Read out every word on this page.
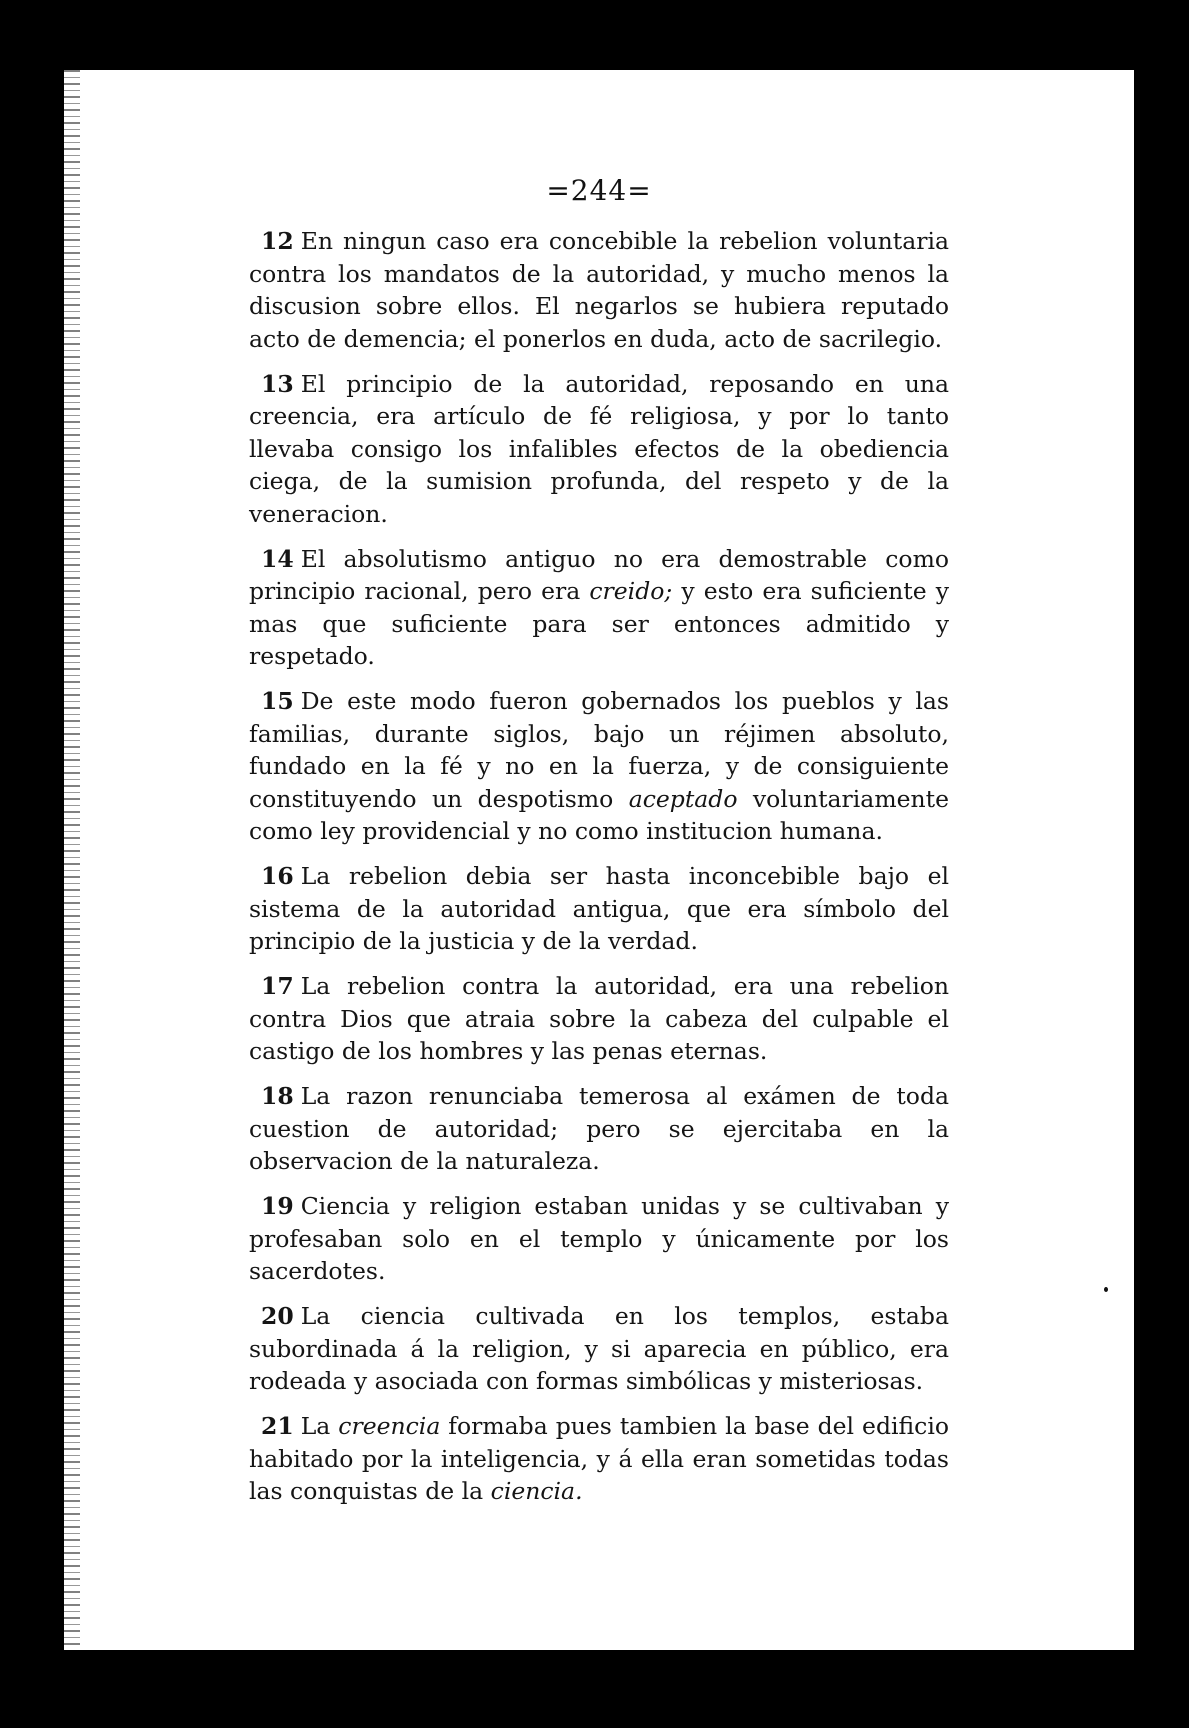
=244=

12 En ningun caso era concebible la rebelion voluntaria contra los mandatos de la autoridad, y mucho menos la discusion sobre ellos. El negarlos se hubiera reputado acto de demencia; el ponerlos en duda, acto de sacrilegio.

13 El principio de la autoridad, reposando en una creencia, era artículo de fé religiosa, y por lo tanto llevaba consigo los infalibles efectos de la obediencia ciega, de la sumision profunda, del respeto y de la veneracion.

14 El absolutismo antiguo no era demostrable como principio racional, pero era creido; y esto era suficiente y mas que suficiente para ser entonces admitido y respetado.

15 De este modo fueron gobernados los pueblos y las familias, durante siglos, bajo un réjimen absoluto, fundado en la fé y no en la fuerza, y de consiguiente constituyendo un despotismo aceptado voluntariamente como ley providencial y no como institucion humana.

16 La rebelion debia ser hasta inconcebible bajo el sistema de la autoridad antigua, que era símbolo del principio de la justicia y de la verdad.

17 La rebelion contra la autoridad, era una rebelion contra Dios que atraia sobre la cabeza del culpable el castigo de los hombres y las penas eternas.

18 La razon renunciaba temerosa al exámen de toda cuestion de autoridad; pero se ejercitaba en la observacion de la naturaleza.

19 Ciencia y religion estaban unidas y se cultivaban y profesaban solo en el templo y únicamente por los sacerdotes.

20 La ciencia cultivada en los templos, estaba subordinada á la religion, y si aparecia en público, era rodeada y asociada con formas simbólicas y misteriosas.

21 La creencia formaba pues tambien la base del edificio habitado por la inteligencia, y á ella eran sometidas todas las conquistas de la ciencia.
